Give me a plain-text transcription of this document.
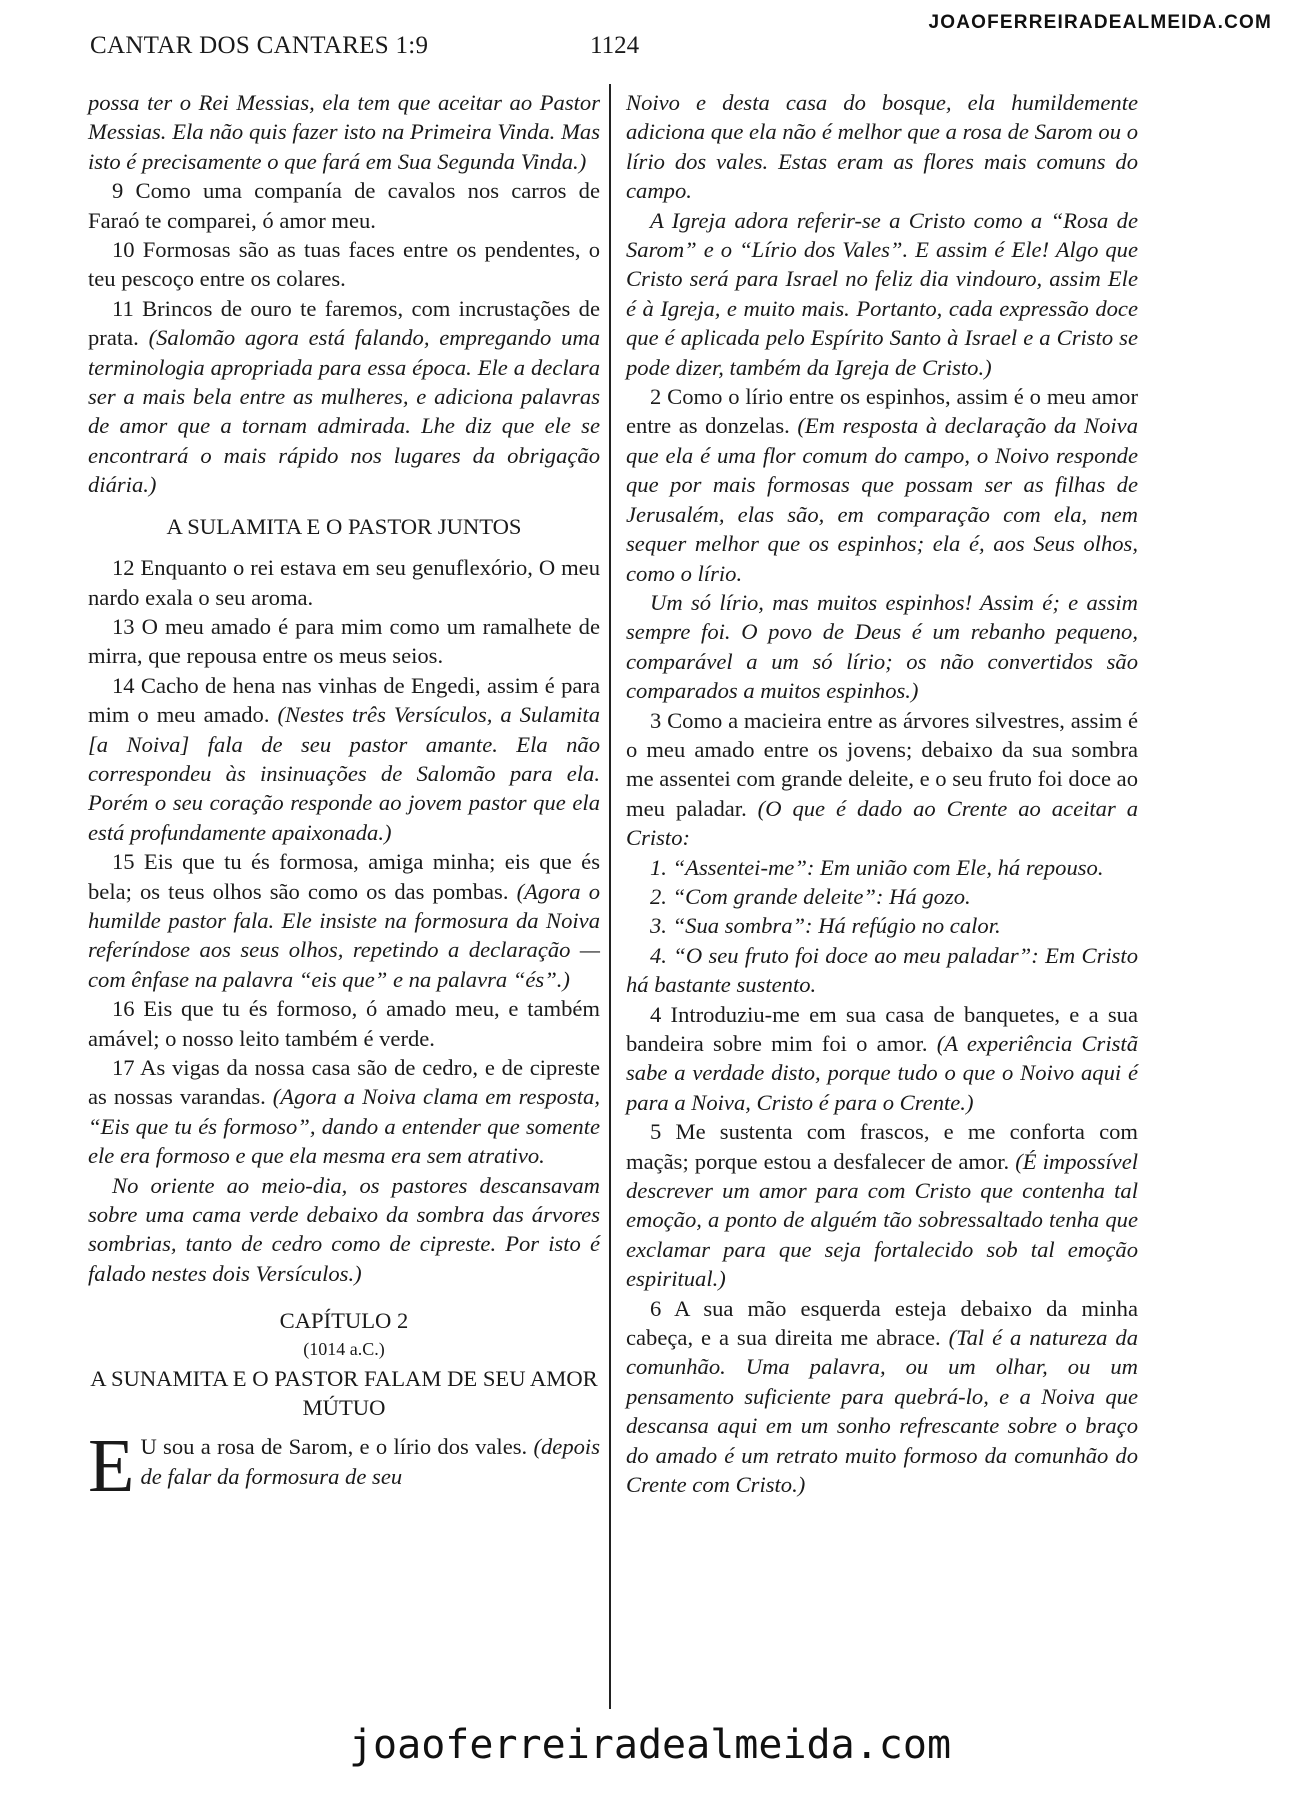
JOAOFERREIRADEALMEIDA.COM
CANTAR DOS CANTARES 1:9	1124

possa ter o Rei Messias, ela tem que aceitar ao Pastor Messias. Ela não quis fazer isto na Primeira Vinda. Mas isto é precisamente o que fará em Sua Segunda Vinda.)

9 Como uma companía de cavalos nos carros de Faraó te comparei, ó amor meu.

10 Formosas são as tuas faces entre os pendentes, o teu pescoço entre os colares.

11 Brincos de ouro te faremos, com incrustações de prata. (Salomão agora está falando, empregando uma terminologia apropriada para essa época. Ele a declara ser a mais bela entre as mulheres, e adiciona palavras de amor que a tornam admirada. Lhe diz que ele se encontrará o mais rápido nos lugares da obrigação diária.)

A SULAMITA E O PASTOR JUNTOS

12 Enquanto o rei estava em seu genuflexório, O meu nardo exala o seu aroma.

13 O meu amado é para mim como um ramalhete de mirra, que repousa entre os meus seios.

14 Cacho de hena nas vinhas de Engedi, assim é para mim o meu amado. (Nestes três Versículos, a Sulamita [a Noiva] fala de seu pastor amante. Ela não correspondeu às insinuações de Salomão para ela. Porém o seu coração responde ao jovem pastor que ela está profundamente apaixonada.)

15 Eis que tu és formosa, amiga minha; eis que és bela; os teus olhos são como os das pombas. (Agora o humilde pastor fala. Ele insiste na formosura da Noiva referíndose aos seus olhos, repetindo a declaração — com ênfase na palavra “eis que” e na palavra “és”.)

16 Eis que tu és formoso, ó amado meu, e também amável; o nosso leito também é verde.

17 As vigas da nossa casa são de cedro, e de cipreste as nossas varandas. (Agora a Noiva clama em resposta, “Eis que tu és formoso”, dando a entender que somente ele era formoso e que ela mesma era sem atrativo.

No oriente ao meio-dia, os pastores descansavam sobre uma cama verde debaixo da sombra das árvores sombrias, tanto de cedro como de cipreste. Por isto é falado nestes dois Versículos.)

CAPÍTULO 2
(1014 a.C.)
A SUNAMITA E O PASTOR FALAM DE SEU AMOR MÚTUO

E U sou a rosa de Sarom, e o lírio dos vales. (depois de falar da formosura de seu

Noivo e desta casa do bosque, ela humildemente adiciona que ela não é melhor que a rosa de Sarom ou o lírio dos vales. Estas eram as flores mais comuns do campo.

A Igreja adora referir-se a Cristo como a “Rosa de Sarom” e o “Lírio dos Vales”. E assim é Ele! Algo que Cristo será para Israel no feliz dia vindouro, assim Ele é à Igreja, e muito mais. Portanto, cada expressão doce que é aplicada pelo Espírito Santo à Israel e a Cristo se pode dizer, também da Igreja de Cristo.)

2 Como o lírio entre os espinhos, assim é o meu amor entre as donzelas. (Em resposta à declaração da Noiva que ela é uma flor comum do campo, o Noivo responde que por mais formosas que possam ser as filhas de Jerusalém, elas são, em comparação com ela, nem sequer melhor que os espinhos; ela é, aos Seus olhos, como o lírio.

Um só lírio, mas muitos espinhos! Assim é; e assim sempre foi. O povo de Deus é um rebanho pequeno, comparável a um só lírio; os não convertidos são comparados a muitos espinhos.)

3 Como a macieira entre as árvores silvestres, assim é o meu amado entre os jovens; debaixo da sua sombra me assentei com grande deleite, e o seu fruto foi doce ao meu paladar. (O que é dado ao Crente ao aceitar a Cristo:

1. “Assentei-me”: Em união com Ele, há repouso.
2. “Com grande deleite”: Há gozo.
3. “Sua sombra”: Há refúgio no calor.
4. “O seu fruto foi doce ao meu paladar”: Em Cristo há bastante sustento.

4 Introduziu-me em sua casa de banquetes, e a sua bandeira sobre mim foi o amor. (A experiência Cristã sabe a verdade disto, porque tudo o que o Noivo aqui é para a Noiva, Cristo é para o Crente.)

5 Me sustenta com frascos, e me conforta com maçãs; porque estou a desfalecer de amor. (É impossível descrever um amor para com Cristo que contenha tal emoção, a ponto de alguém tão sobressaltado tenha que exclamar para que seja fortalecido sob tal emoção espiritual.)

6 A sua mão esquerda esteja debaixo da minha cabeça, e a sua direita me abrace. (Tal é a natureza da comunhão. Uma palavra, ou um olhar, ou um pensamento suficiente para quebrá-lo, e a Noiva que descansa aqui em um sonho refrescante sobre o braço do amado é um retrato muito formoso da comunhão do Crente com Cristo.)

joaoferreiradealmeida.com
